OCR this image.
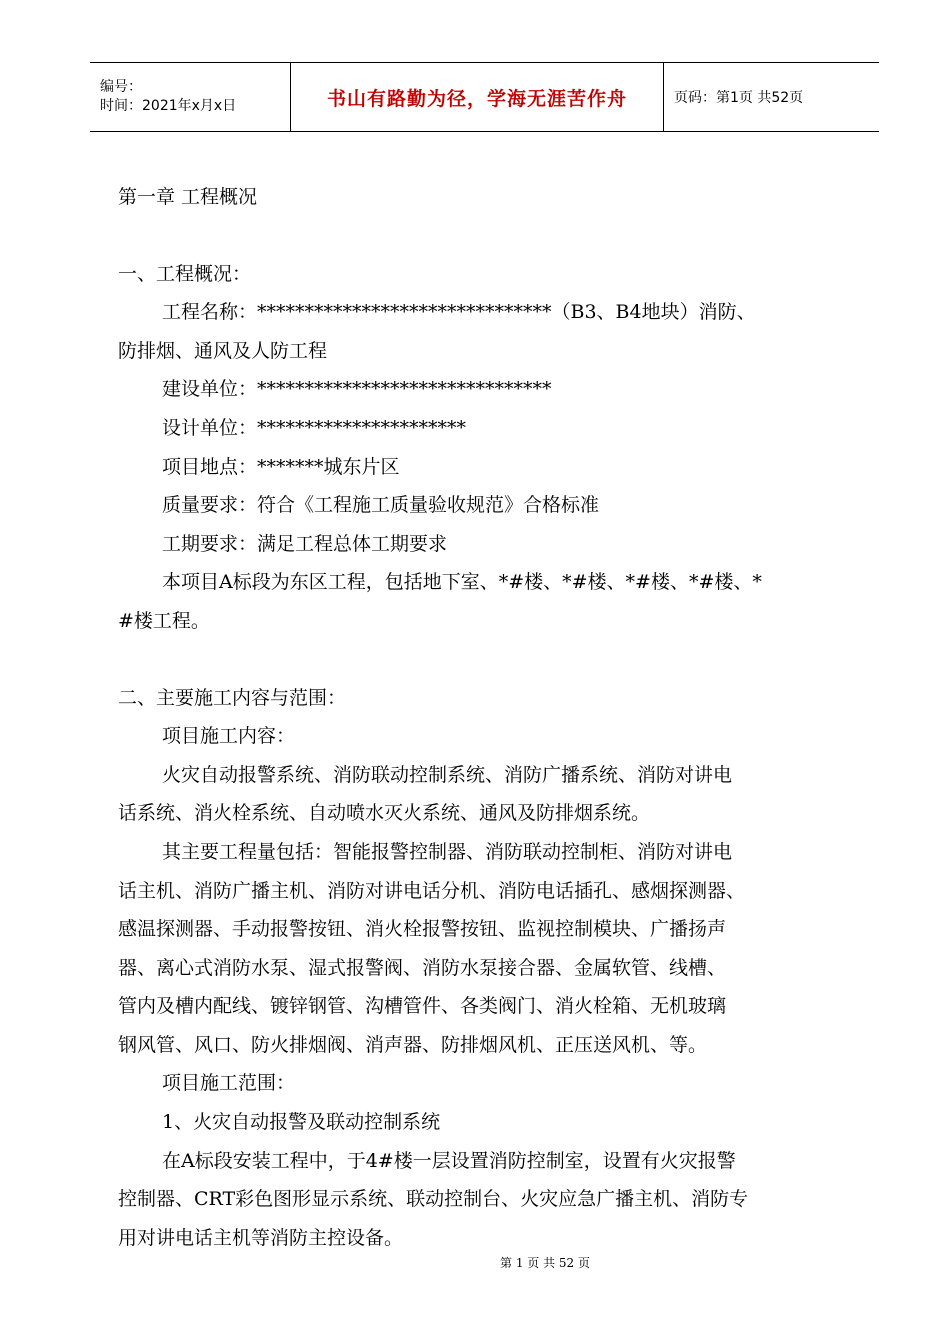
编号：
时间：2021年x月x日	书山有路勤为径，学海无涯苦作舟	页码：第1页 共52页
第一章 工程概况
一、工程概况：
工程名称：*******************************（B3、B4地块）消防、
防排烟、通风及人防工程
建设单位：*******************************
设计单位：**********************
项目地点：*******城东片区
质量要求：符合《工程施工质量验收规范》合格标准
工期要求：满足工程总体工期要求
本项目A标段为东区工程，包括地下室、*#楼、*#楼、*#楼、*#楼、*
#楼工程。
二、主要施工内容与范围：
项目施工内容：
火灾自动报警系统、消防联动控制系统、消防广播系统、消防对讲电
话系统、消火栓系统、自动喷水灭火系统、通风及防排烟系统。
其主要工程量包括：智能报警控制器、消防联动控制柜、消防对讲电
话主机、消防广播主机、消防对讲电话分机、消防电话插孔、感烟探测器、
感温探测器、手动报警按钮、消火栓报警按钮、监视控制模块、广播扬声
器、离心式消防水泵、湿式报警阀、消防水泵接合器、金属软管、线槽、
管内及槽内配线、镀锌钢管、沟槽管件、各类阀门、消火栓箱、无机玻璃
钢风管、风口、防火排烟阀、消声器、防排烟风机、正压送风机、等。
项目施工范围：
1、火灾自动报警及联动控制系统
在A标段安装工程中，于4#楼一层设置消防控制室，设置有火灾报警
控制器、CRT彩色图形显示系统、联动控制台、火灾应急广播主机、消防专
用对讲电话主机等消防主控设备。
第 1 页 共 52 页
